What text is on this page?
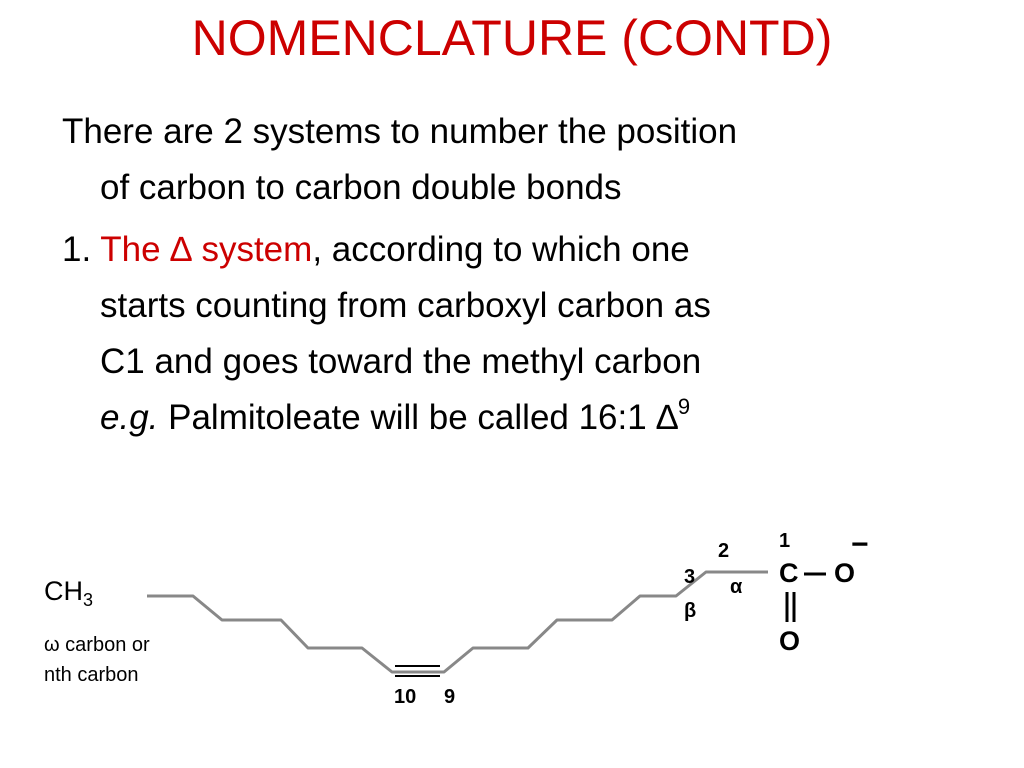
NOMENCLATURE (CONTD)
There are 2 systems to number the position
of carbon to carbon double bonds
1. The ∆ system, according to which one
starts counting from carboxyl carbon as
C1 and goes toward the methyl carbon
e.g. Palmitoleate will be called 16:1 ∆$^9$
$CH_3$
ω carbon or
nth carbon
10 9
3
β
2
α
1
C O
−
O
